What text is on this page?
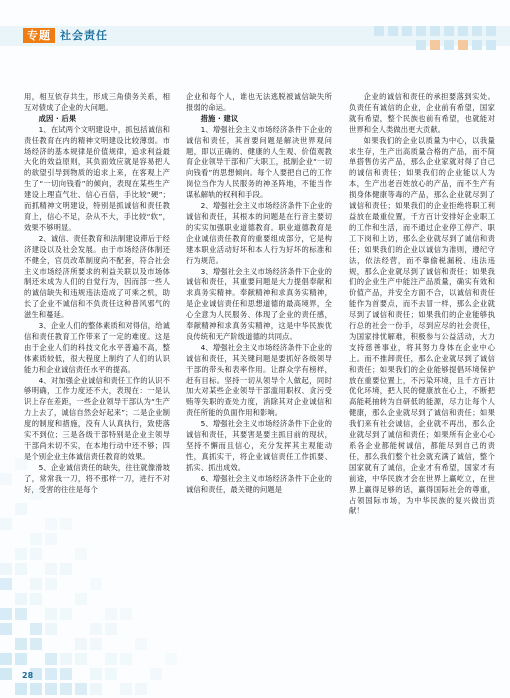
专题 社会责任

用，相互依存共生，形成三角债务关系，相互对债成了企业的大问题。

成因 · 后果

1、在试两个文明建设中，抓包括诚信和责任教育在内的精神文明建设比较薄弱。市场经济的基本规律是价值规律，追求利益最大化的效益原则，其负面效应就是容易把人的欲望引导到物质的追求上来，在客观上产生了“一切向钱看”的倾向，表现在某些生产建设上理直气壮、信心百倍，手比较“硬”；而抓精神文明建设，特别是抓诚信和责任教育上，信心不足，杂从不大，手比较“软”，效果不够明显。

2、诚信、责任教育和法制建设滞后于经济建设以及社会发展。由于市场经济体制还不健全，官员改革制度尚不配套，符合社会主义市场经济所要求的利益关联以及市场体制还未成为人们的自觉行为，因而部一些人的诚信缺失和违规违法造成了可乘之机，助长了企业不诚信和不负责任这种普风邪气的滋生和蔓延。

3、企业人们的整体素质和对得信，给诚信和责任教育工作带来了一定的难度。这是由于企业人们的科技文化水平普遍不高，整体素质较低，很大程度上制约了人们的认识能力和企业诚信责任水平的提高。

4、对加强企业诚信和责任工作的认识不够明确，工作力度还不大，表现在：一是认识上存在差距，一些企业领导干部认为“生产力上去了，诚信自然会好起来”；二是企业制度的制度和措施，没有人认真执行，致使落实不到位；三是各级干部特别是企业主领导干部尚未切不实，在本地行动中还不够；四是个别企业主体诚信责任教育的效果。

5、企业诚信责任的缺失，往往就像滑坡了，常常我一刀，将不那样一刀，进行不对好，受害的往往是每个

企业和每个人，谁也无法逃脱被诚信缺失所报弱的命运。

措施 · 建议

1、增强社会主义市场经济条件下企业的诚信和责任，其首要问题是解决世界观问题，即以正确的、健康的人生观、价值观教育企业领导干部和广大职工，抵制企业“一切向钱看”的思想倾向。每个人要把自己的工作岗位当作为人民服务的神圣阵地，不能当作谋私解轨的权利和手段。

2、增强社会主义市场经济条件下企业的诚信和责任，其根本的问题是在行音主要切的实实加强职业道德教育。职业道德教育是企业诚信责任教育的重要组成部分，它是构建本职业活动好坏和本人行为好坏的标准和行为规范。

3、增强社会主义市场经济条件下企业的诚信和责任，其重要问题是大力提倡奉献和求真务实精神。奉献精神和求真务实精神，是企业诚信责任和思想道德的最高境界，全心全意为人民服务、体现了企业的责任感，奉献精神和求真务实精神，这是中华民族优良传统和无产阶级道德的共同点。

4、增强社会主义市场经济条件下企业的诚信和责任，其关键问题是要抓好各级领导干部的带头和表率作用。让群众学有榜样，赶有目标。坚持一切从领导个人做起，同时加大对某些企业领导干部滥用职权、贪污受贿等失职的查处力度，消除其对企业诚信和责任所能的负面作用和影响。

5、增强社会主义市场经济条件下企业的诚信和责任，其要害是要主抓目前的现状，坚持不懈而且信心，充分发挥其主观能动性，真抓实干，将企业诚信责任工作抓要、抓实、抓出成效。

6、增强社会主义市场经济条件下企业的诚信和责任，最关键的问题是

企业的诚信和责任的承担要落到实处。负责任有诚信的企业，企业前有希望，国家就有希望，整个民族也前有希望，也就能对世界和全人类做出更大贡献。

如果我们的企业以质量为中心，以我量求生存，生产出高质量合格的产品，而不简单搭售仿劣产品，那么企业家就对得了自己的诚信和责任；如果我们的企业能以人为本，生产出老百姓放心的产品，而不生产有损身体健康等毒的产品，那么企业就尽到了诚信和责任；如果我们的企业拒绝将职工利益放在最重位置，千方百计安排好企业职工的工作和生活，而不通过企业停工停产、职工下岗和上访，那么企业就尽到了诚信和责任；如果我们的企业以诚信为准则，遵纪守法，依法经营，而不靠偷税漏税、违法违规，那么企业就尽到了诚信和责任；如果我们的企业生产中能注产品质量，确实有效和价值产品，并安全方面不合，以诚信和责任能作为首要点，而不去冒一样，那么企业就尽到了诚信和责任；如果我们的企业能够执行总的社会一份手，尽到应尽的社会责任，为国家排忧解难，积极参与公益活动，大力支持慈善事业，将其努力身体在企业中心上。而不推卸责任，那么企业就尽到了诚信和责任；如果我们的企业能够提倡环境保护放在重要位置上，不污染环境，且千方百计优化环境，把人民的健康放在心上，不断把高能耗抽转为自研低的能源，尽力让每个人健康，那么企业就尽到了诚信和责任；如果我们来有社会诚信，企业就不再出，那么企业就尽到了诚信和责任；如果所有企业心心系各企业都能树诚信，都能尽到自己的责任，那么我们整个社会就充满了诚信，整个国家就有了诚信，企业才有希望，国家才有前途，中华民族才会在世界上赢屹立，在世界上赢得足够的话，赢得国际社会的尊重，占领国际市场，为中华民族的复兴做出贡献！

28
